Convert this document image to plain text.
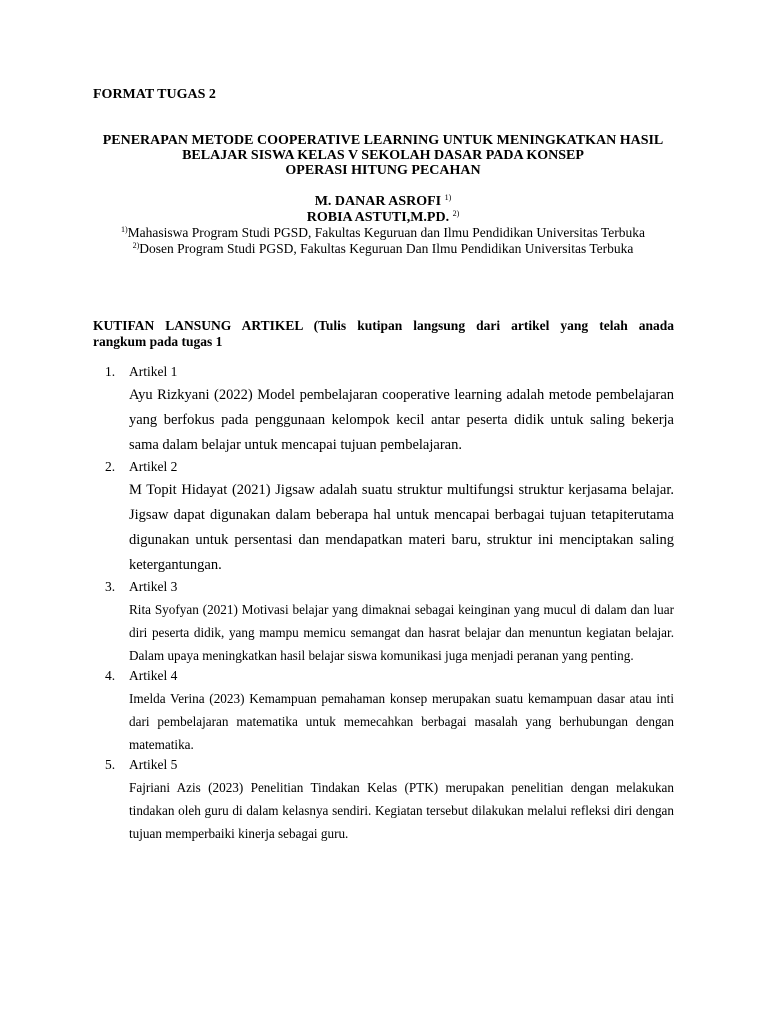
FORMAT TUGAS 2
PENERAPAN METODE COOPERATIVE LEARNING UNTUK MENINGKATKAN HASIL
BELAJAR SISWA KELAS V SEKOLAH DASAR PADA KONSEP
OPERASI HITUNG PECAHAN
M. DANAR ASROFI $^{1)}$
ROBIA ASTUTI,M.PD. $^{2)}$
$^{1)}$Mahasiswa Program Studi PGSD, Fakultas Keguruan dan Ilmu Pendidikan Universitas Terbuka
$^{2)}$Dosen Program Studi PGSD, Fakultas Keguruan Dan Ilmu Pendidikan Universitas Terbuka
KUTIFAN LANSUNG ARTIKEL (Tulis kutipan langsung dari artikel yang telah anada
rangkum pada tugas 1
1. Artikel 1
Ayu Rizkyani (2022) Model pembelajaran cooperative learning adalah metode pembelajaran yang berfokus pada penggunaan kelompok kecil antar peserta didik untuk saling bekerja sama dalam belajar untuk mencapai tujuan pembelajaran.
2. Artikel 2
M Topit Hidayat (2021) Jigsaw adalah suatu struktur multifungsi struktur kerjasama belajar. Jigsaw dapat digunakan dalam beberapa hal untuk mencapai berbagai tujuan tetapiterutama digunakan untuk persentasi dan mendapatkan materi baru, struktur ini menciptakan saling ketergantungan.
3. Artikel 3
Rita Syofyan (2021) Motivasi belajar yang dimaknai sebagai keinginan yang mucul di dalam dan luar diri peserta didik, yang mampu memicu semangat dan hasrat belajar dan menuntun kegiatan belajar. Dalam upaya meningkatkan hasil belajar siswa komunikasi juga menjadi peranan yang penting.
4. Artikel 4
Imelda Verina (2023) Kemampuan pemahaman konsep merupakan suatu kemampuan dasar atau inti dari pembelajaran matematika untuk memecahkan berbagai masalah yang berhubungan dengan matematika.
5. Artikel 5
Fajriani Azis (2023) Penelitian Tindakan Kelas (PTK) merupakan penelitian dengan melakukan tindakan oleh guru di dalam kelasnya sendiri. Kegiatan tersebut dilakukan melalui refleksi diri dengan tujuan memperbaiki kinerja sebagai guru.
